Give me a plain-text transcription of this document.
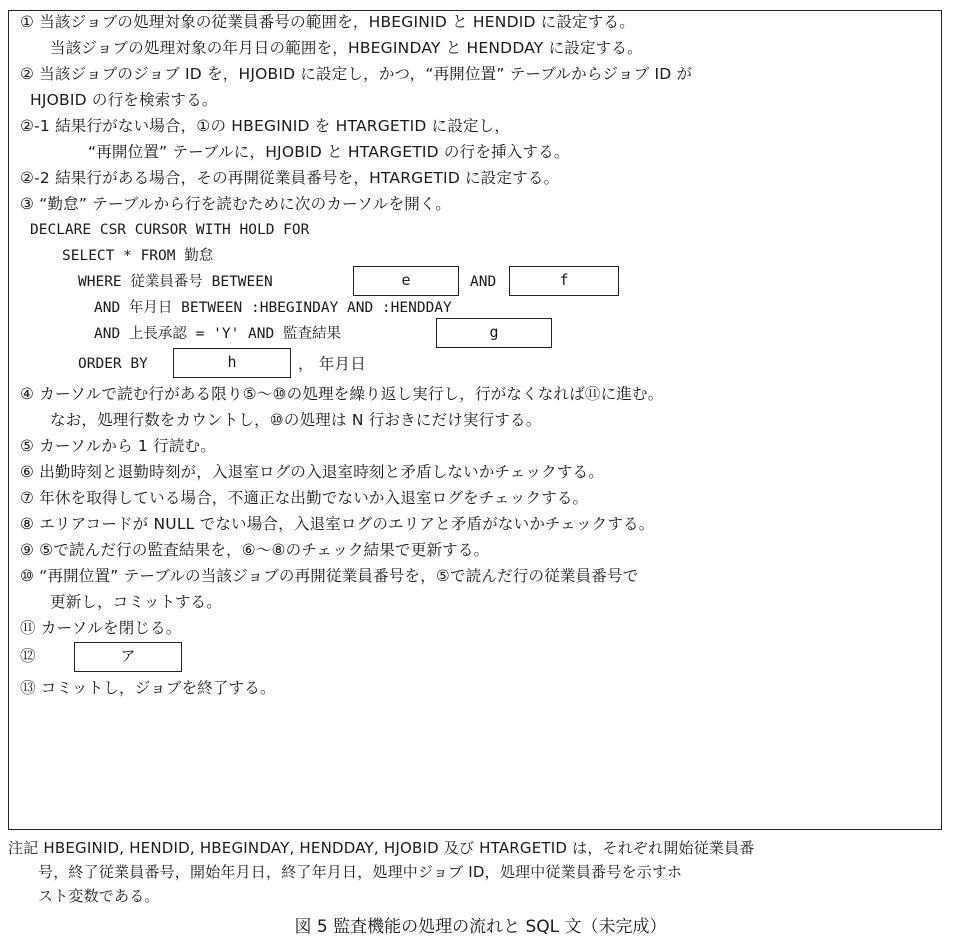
① 当該ジョブの処理対象の従業員番号の範囲を，HBEGINID と HENDID に設定する。
当該ジョブの処理対象の年月日の範囲を，HBEGINDAY と HENDDAY に設定する。
② 当該ジョブのジョブ ID を，HJOBID に設定し，かつ，“再開位置” テーブルからジョブ ID が
HJOBID の行を検索する。
②-1 結果行がない場合，①の HBEGINID を HTARGETID に設定し，
“再開位置” テーブルに，HJOBID と HTARGETID の行を挿入する。
②-2 結果行がある場合，その再開従業員番号を，HTARGETID に設定する。
③ “勤怠” テーブルから行を読むために次のカーソルを開く。
DECLARE CSR CURSOR WITH HOLD FOR
SELECT * FROM 勤怠
WHERE 従業員番号 BETWEEN	e	AND	f
AND 年月日 BETWEEN :HBEGINDAY AND :HENDDAY
AND 上長承認 = 'Y' AND 監査結果	g
ORDER BY	h	， 年月日
④ カーソルで読む行がある限り⑤～⑩の処理を繰り返し実行し，行がなくなれば⑪に進む。
なお，処理行数をカウントし，⑩の処理は N 行おきにだけ実行する。
⑤ カーソルから 1 行読む。
⑥ 出勤時刻と退勤時刻が，入退室ログの入退室時刻と矛盾しないかチェックする。
⑦ 年休を取得している場合，不適正な出勤でないか入退室ログをチェックする。
⑧ エリアコードが NULL でない場合，入退室ログのエリアと矛盾がないかチェックする。
⑨ ⑤で読んだ行の監査結果を，⑥～⑧のチェック結果で更新する。
⑩ “再開位置” テーブルの当該ジョブの再開従業員番号を，⑤で読んだ行の従業員番号で
更新し，コミットする。
⑪ カーソルを閉じる。
⑫	ア
⑬ コミットし，ジョブを終了する。
注記 HBEGINID, HENDID, HBEGINDAY, HENDDAY, HJOBID 及び HTARGETID は，それぞれ開始従業員番
号，終了従業員番号，開始年月日，終了年月日，処理中ジョブ ID，処理中従業員番号を示すホ
スト変数である。
図 5 監査機能の処理の流れと SQL 文（未完成）
